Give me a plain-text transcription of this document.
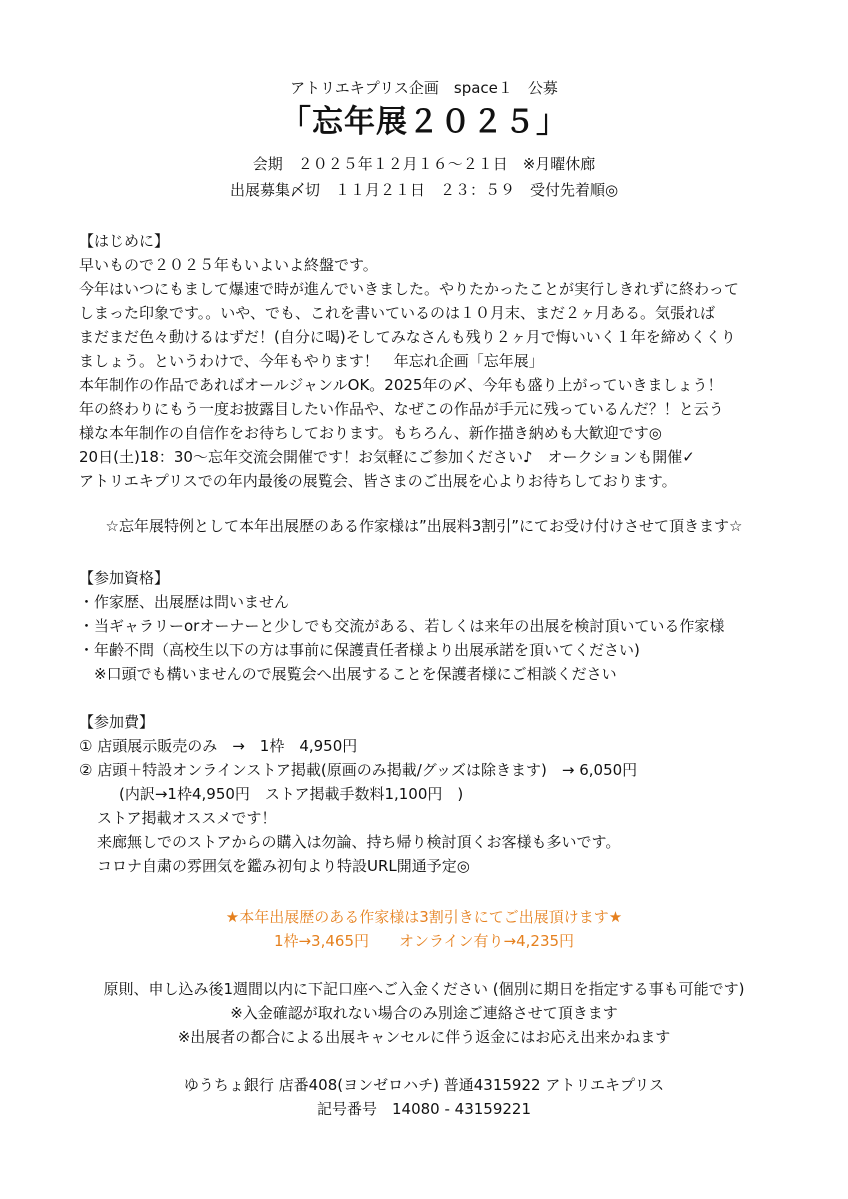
アトリエキプリス企画　space１　公募

「忘年展２０２５」

会期　２０２５年１２月１６～２１日　※月曜休廊

出展募集〆切　１１月２１日　２３：５９　受付先着順◎

【はじめに】

早いもので２０２５年もいよいよ終盤です。

今年はいつにもまして爆速で時が進んでいきました。やりたかったことが実行しきれずに終わって

しまった印象です。。いや、でも、これを書いているのは１０月末、まだ２ヶ月ある。気張れば

まだまだ色々動けるはずだ！(自分に喝)そしてみなさんも残り２ヶ月で悔いいく１年を締めくくり

ましょう。というわけで、今年もやります！　年忘れ企画「忘年展」

本年制作の作品であればオールジャンルOK。2025年の〆、今年も盛り上がっていきましょう！

年の終わりにもう一度お披露目したい作品や、なぜこの作品が手元に残っているんだ？！と云う

様な本年制作の自信作をお待ちしております。もちろん、新作描き納めも大歓迎です◎

20日(土)18：30～忘年交流会開催です！お気軽にご参加ください♪　オークションも開催✓

アトリエキプリスでの年内最後の展覧会、皆さまのご出展を心よりお待ちしております。

☆忘年展特例として本年出展歴のある作家様は”出展料3割引”にてお受け付けさせて頂きます☆

【参加資格】

・作家歴、出展歴は問いません

・当ギャラリーorオーナーと少しでも交流がある、若しくは来年の出展を検討頂いている作家様

・年齢不問（高校生以下の方は事前に保護責任者様より出展承諾を頂いてください)

　※口頭でも構いませんので展覧会へ出展することを保護者様にご相談ください

【参加費】

① 店頭展示販売のみ　→　1枠　4,950円

② 店頭＋特設オンラインストア掲載(原画のみ掲載/グッズは除きます)　→ 6,050円

(内訳→1枠4,950円　ストア掲載手数料1,100円　)

ストア掲載オススメです！

来廊無しでのストアからの購入は勿論、持ち帰り検討頂くお客様も多いです。

コロナ自粛の雰囲気を鑑み初旬より特設URL開通予定◎

★本年出展歴のある作家様は3割引きにてご出展頂けます★

1枠→3,465円　　オンライン有り→4,235円

原則、申し込み後1週間以内に下記口座へご入金ください (個別に期日を指定する事も可能です)

※入金確認が取れない場合のみ別途ご連絡させて頂きます

※出展者の都合による出展キャンセルに伴う返金にはお応え出来かねます

ゆうちょ銀行 店番408(ヨンゼロハチ) 普通4315922 アトリエキプリス

記号番号　14080 - 43159221
